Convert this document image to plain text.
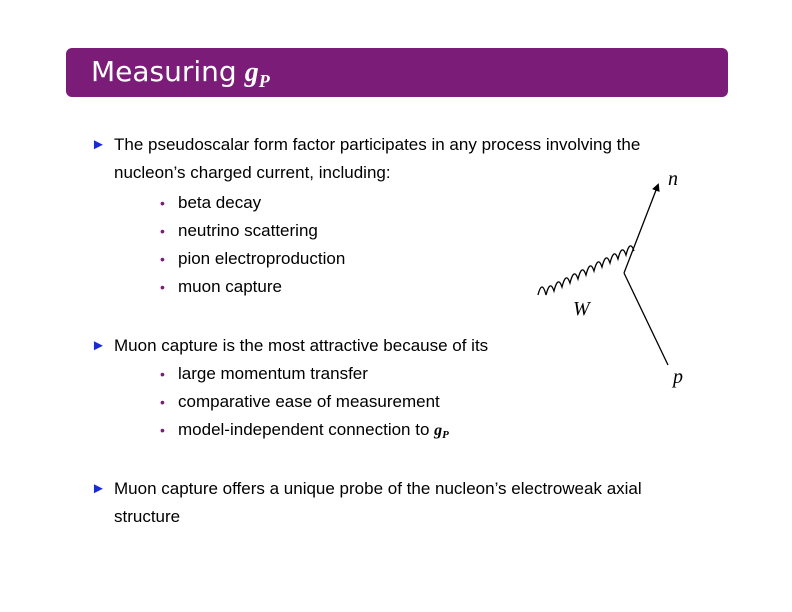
Measuring $g_P$
► The pseudoscalar form factor participates in any process involving the
nucleon’s charged current, including:
• beta decay
• neutrino scattering
• pion electroproduction
• muon capture
► Muon capture is the most attractive because of its
• large momentum transfer
• comparative ease of measurement
• model-independent connection to $g_P$
► Muon capture offers a unique probe of the nucleon’s electroweak axial
structure
n
W
p
